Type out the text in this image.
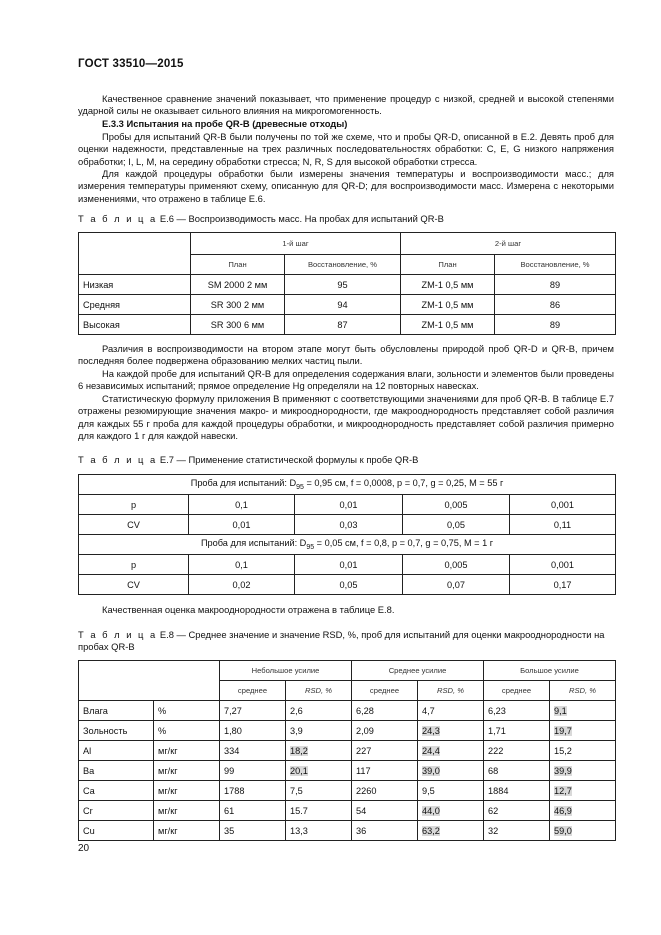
ГОСТ 33510—2015

Качественное сравнение значений показывает, что применение процедур с низкой, средней и высокой степенями ударной силы не оказывает сильного влияния на микрогомогенность.

Е.3.3 Испытания на пробе QR-B (древесные отходы)

Пробы для испытаний QR-B были получены по той же схеме, что и пробы QR-D, описанной в Е.2. Девять проб для оценки надежности, представленные на трех различных последовательностях обработки: C, E, G низкого напряжения обработки; I, L, M, на середину обработки стресса; N, R, S для высокой обработки стресса.

Для каждой процедуры обработки были измерены значения температуры и воспроизводимости масс.; для измерения температуры применяют схему, описанную для QR-D; для воспроизводимости масс. Измерена с некоторыми изменениями, что отражено в таблице Е.6.

Т а б л и ц а Е.6 — Воспроизводимость масс. На пробах для испытаний QR-B
	1-й шаг		2-й шаг	
	План	Восстановление, %	План	Восстановление, %
Низкая	SM 2000 2 мм	95	ZM-1 0,5 мм	89
Средняя	SR 300 2 мм	94	ZM-1 0,5 мм	86
Высокая	SR 300 6 мм	87	ZM-1 0,5 мм	89

Различия в воспроизводимости на втором этапе могут быть обусловлены природой проб QR-D и QR-B, причем последняя более подвержена образованию мелких частиц пыли.

На каждой пробе для испытаний QR-B для определения содержания влаги, зольности и элементов были проведены 6 независимых испытаний; прямое определение Hg определяли на 12 повторных навесках.

Статистическую формулу приложения В применяют с соответствующими значениями для проб QR-B. В таблице Е.7 отражены резюмирующие значения макро- и микрооднородности, где макрооднородность представляет собой различия для каждых 55 г проба для каждой процедуры обработки, и микрооднородность представляет собой различия примерно для каждого 1 г для каждой навески.

Т а б л и ц а Е.7 — Применение статистической формулы к пробе QR-B
Проба для испытаний: $D_{95} = 0,95$ см, f = 0,0008, p = 0,7, g = 0,25, M = 55 г				
p	0,1	0,01	0,005	0,001
CV	0,01	0,03	0,05	0,11
Проба для испытаний: $D_{95} = 0,05$ см, f = 0,8, p = 0,7, g = 0,75, M = 1 г				
p	0,1	0,01	0,005	0,001
CV	0,02	0,05	0,07	0,17

Качественная оценка макрооднородности отражена в таблице Е.8.

Т а б л и ц а Е.8 — Среднее значение и значение RSD, %, проб для испытаний для оценки макрооднородности на пробах QR-B
		Небольшое усилие		Среднее усилие		Большое усилие	
		среднее	RSD, %	среднее	RSD, %	среднее	RSD, %
Влага	%	7,27	2,6	6,28	4,7	6,23	9,1
Зольность	%	1,80	3,9	2,09	24,3	1,71	19,7
Al	мг/кг	334	18,2	227	24,4	222	15,2
Ba	мг/кг	99	20,1	117	39,0	68	39,9
Ca	мг/кг	1788	7,5	2260	9,5	1884	12,7
Cr	мг/кг	61	15.7	54	44,0	62	46,9
Cu	мг/кг	35	13,3	36	63,2	32	59,0
20
